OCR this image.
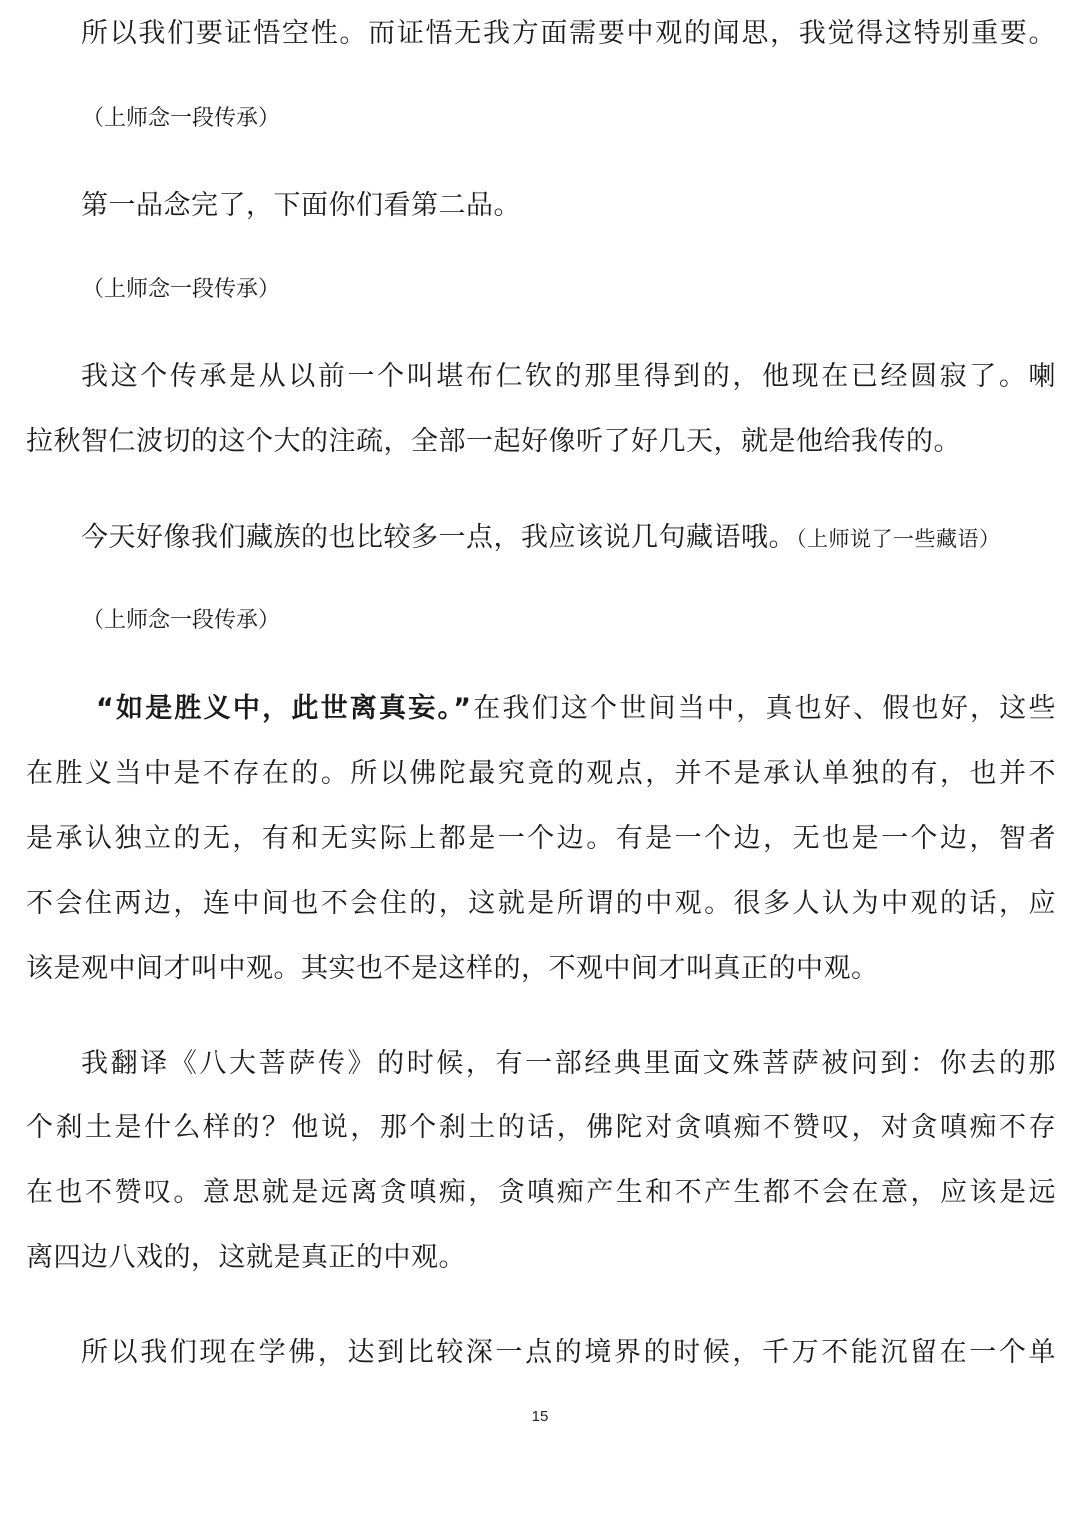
所以我们要证悟空性。而证悟无我方面需要中观的闻思，我觉得这特别重要。
（上师念一段传承）
第一品念完了，下面你们看第二品。
（上师念一段传承）
我这个传承是从以前一个叫堪布仁钦的那里得到的，他现在已经圆寂了。喇
拉秋智仁波切的这个大的注疏，全部一起好像听了好几天，就是他给我传的。
今天好像我们藏族的也比较多一点，我应该说几句藏语哦。（上师说了一些藏语）
（上师念一段传承）
“如是胜义中，此世离真妄。”在我们这个世间当中，真也好、假也好，这些
在胜义当中是不存在的。所以佛陀最究竟的观点，并不是承认单独的有，也并不
是承认独立的无，有和无实际上都是一个边。有是一个边，无也是一个边，智者
不会住两边，连中间也不会住的，这就是所谓的中观。很多人认为中观的话，应
该是观中间才叫中观。其实也不是这样的，不观中间才叫真正的中观。
我翻译《八大菩萨传》的时候，有一部经典里面文殊菩萨被问到：你去的那
个刹土是什么样的？他说，那个刹土的话，佛陀对贪嗔痴不赞叹，对贪嗔痴不存
在也不赞叹。意思就是远离贪嗔痴，贪嗔痴产生和不产生都不会在意，应该是远
离四边八戏的，这就是真正的中观。
所以我们现在学佛，达到比较深一点的境界的时候，千万不能沉留在一个单
15
